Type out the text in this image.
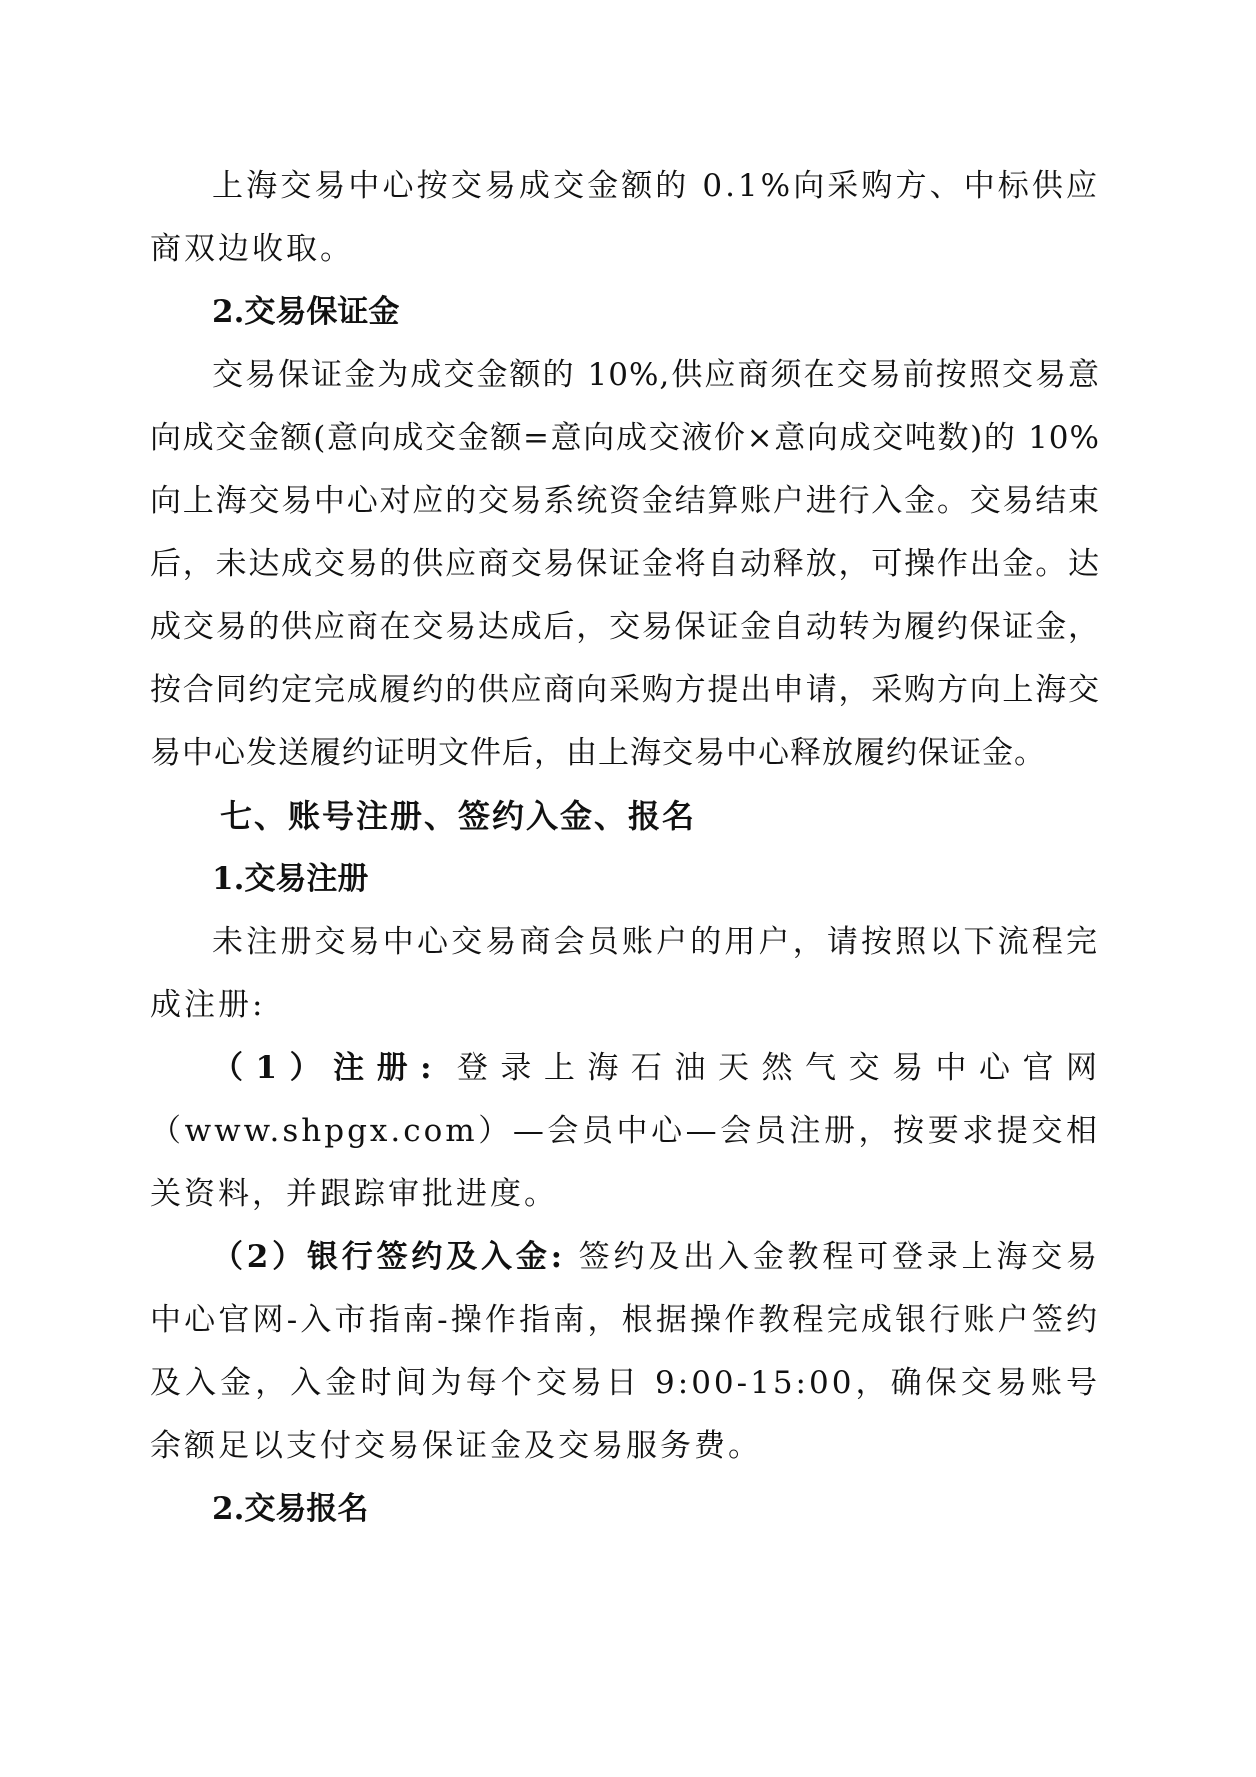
上海交易中心按交易成交金额的 0.1%向采购方、中标供应商双边收取。

2.交易保证金

交易保证金为成交金额的 10%,供应商须在交易前按照交易意向成交金额(意向成交金额=意向成交液价×意向成交吨数)的 10%向上海交易中心对应的交易系统资金结算账户进行入金。交易结束后，未达成交易的供应商交易保证金将自动释放，可操作出金。达成交易的供应商在交易达成后，交易保证金自动转为履约保证金，按合同约定完成履约的供应商向采购方提出申请，采购方向上海交易中心发送履约证明文件后，由上海交易中心释放履约保证金。

七、账号注册、签约入金、报名

1.交易注册

未注册交易中心交易商会员账户的用户，请按照以下流程完成注册:

（1）注册: 登录上海石油天然气交易中心官网（www.shpgx.com）—会员中心—会员注册，按要求提交相关资料，并跟踪审批进度。

（2）银行签约及入金: 签约及出入金教程可登录上海交易中心官网-入市指南-操作指南，根据操作教程完成银行账户签约及入金，入金时间为每个交易日 9:00-15:00，确保交易账号余额足以支付交易保证金及交易服务费。

2.交易报名
